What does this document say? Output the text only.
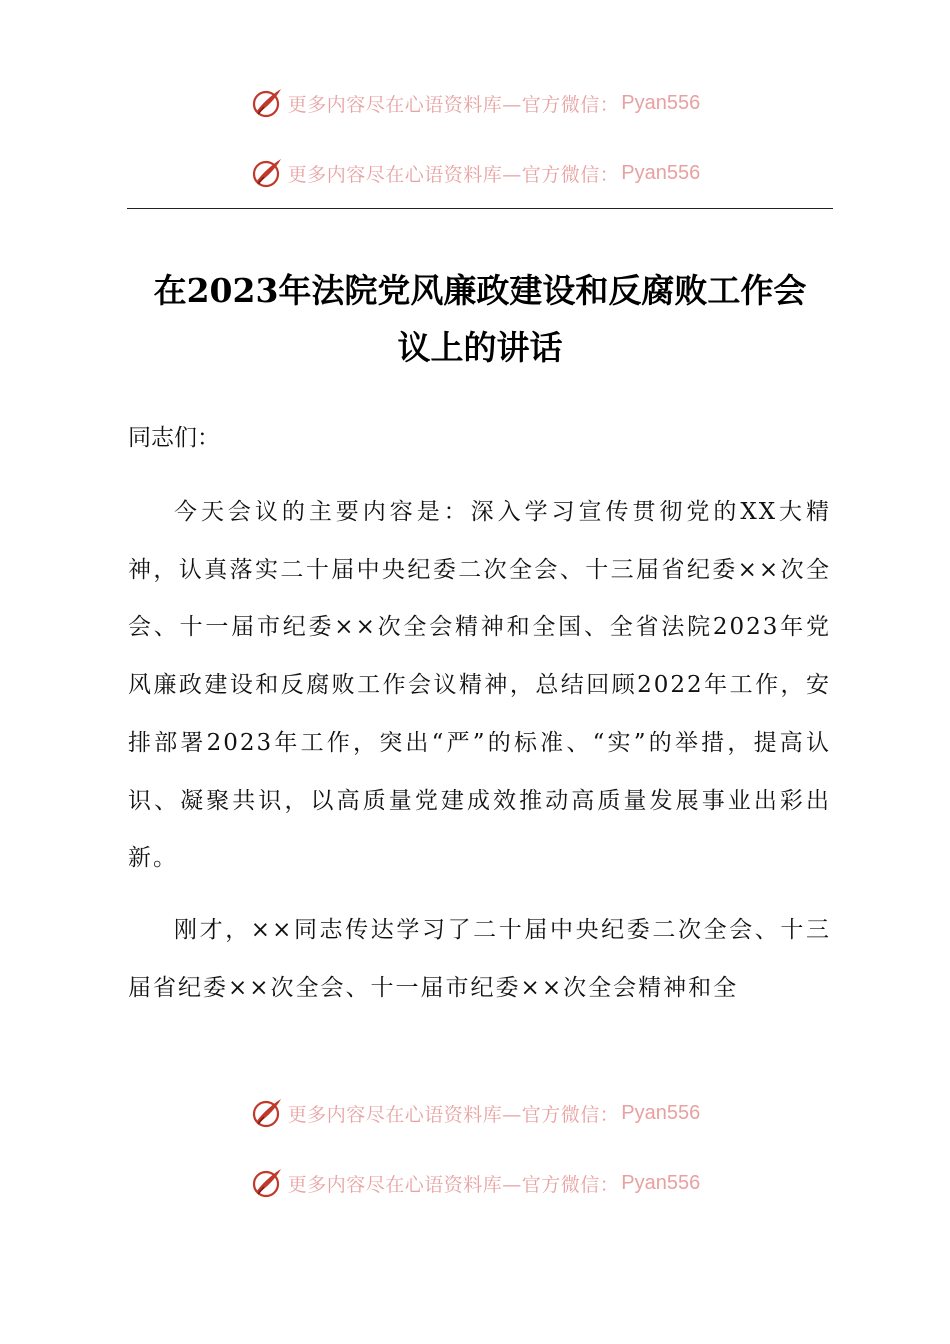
更多内容尽在心语资料库—官方微信： Pyan556
更多内容尽在心语资料库—官方微信： Pyan556
在2023年法院党风廉政建设和反腐败工作会
议上的讲话

同志们：

今天会议的主要内容是：深入学习宣传贯彻党的XX大精神，认真落实二十届中央纪委二次全会、十三届省纪委××次全会、十一届市纪委××次全会精神和全国、全省法院2023年党风廉政建设和反腐败工作会议精神，总结回顾2022年工作，安排部署2023年工作，突出“严”的标准、“实”的举措，提高认识、凝聚共识，以高质量党建成效推动高质量发展事业出彩出新。

刚才，××同志传达学习了二十届中央纪委二次全会、十三届省纪委××次全会、十一届市纪委××次全会精神和全

更多内容尽在心语资料库—官方微信： Pyan556
更多内容尽在心语资料库—官方微信： Pyan556
